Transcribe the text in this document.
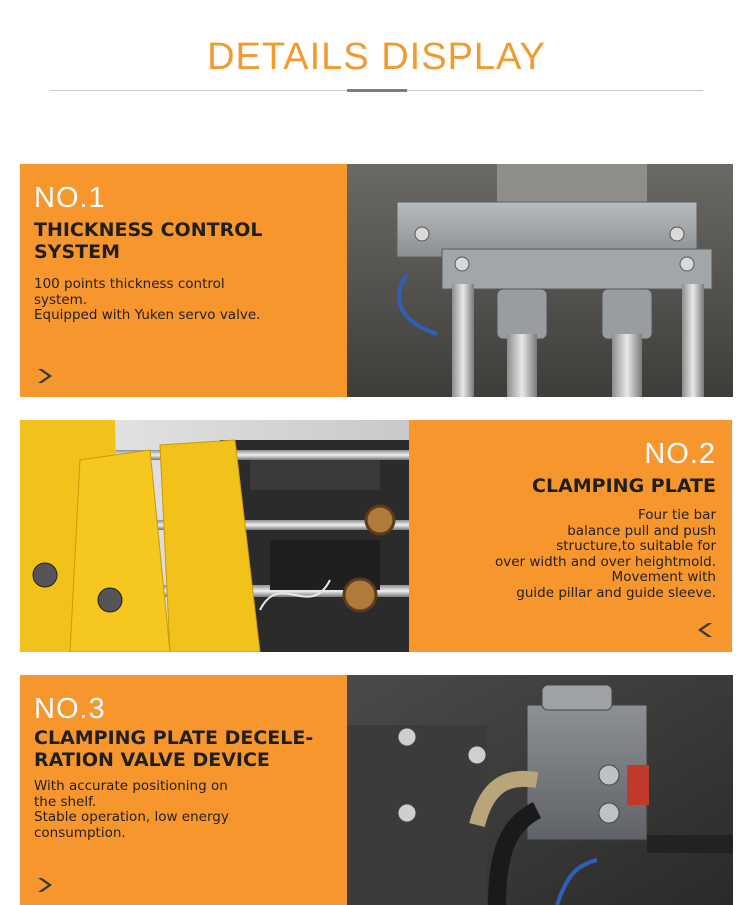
DETAILS DISPLAY
NO.1
THICKNESS CONTROL
SYSTEM
100 points thickness control
system.
Equipped with Yuken servo valve.
NO.2
CLAMPING PLATE
Four tie bar
balance pull and push
structure,to suitable for
over width and over heightmold.
Movement with
guide pillar and guide sleeve.
NO.3
CLAMPING PLATE DECELE-
RATION VALVE DEVICE
With accurate positioning on
the shelf.
Stable operation, low energy
consumption.
